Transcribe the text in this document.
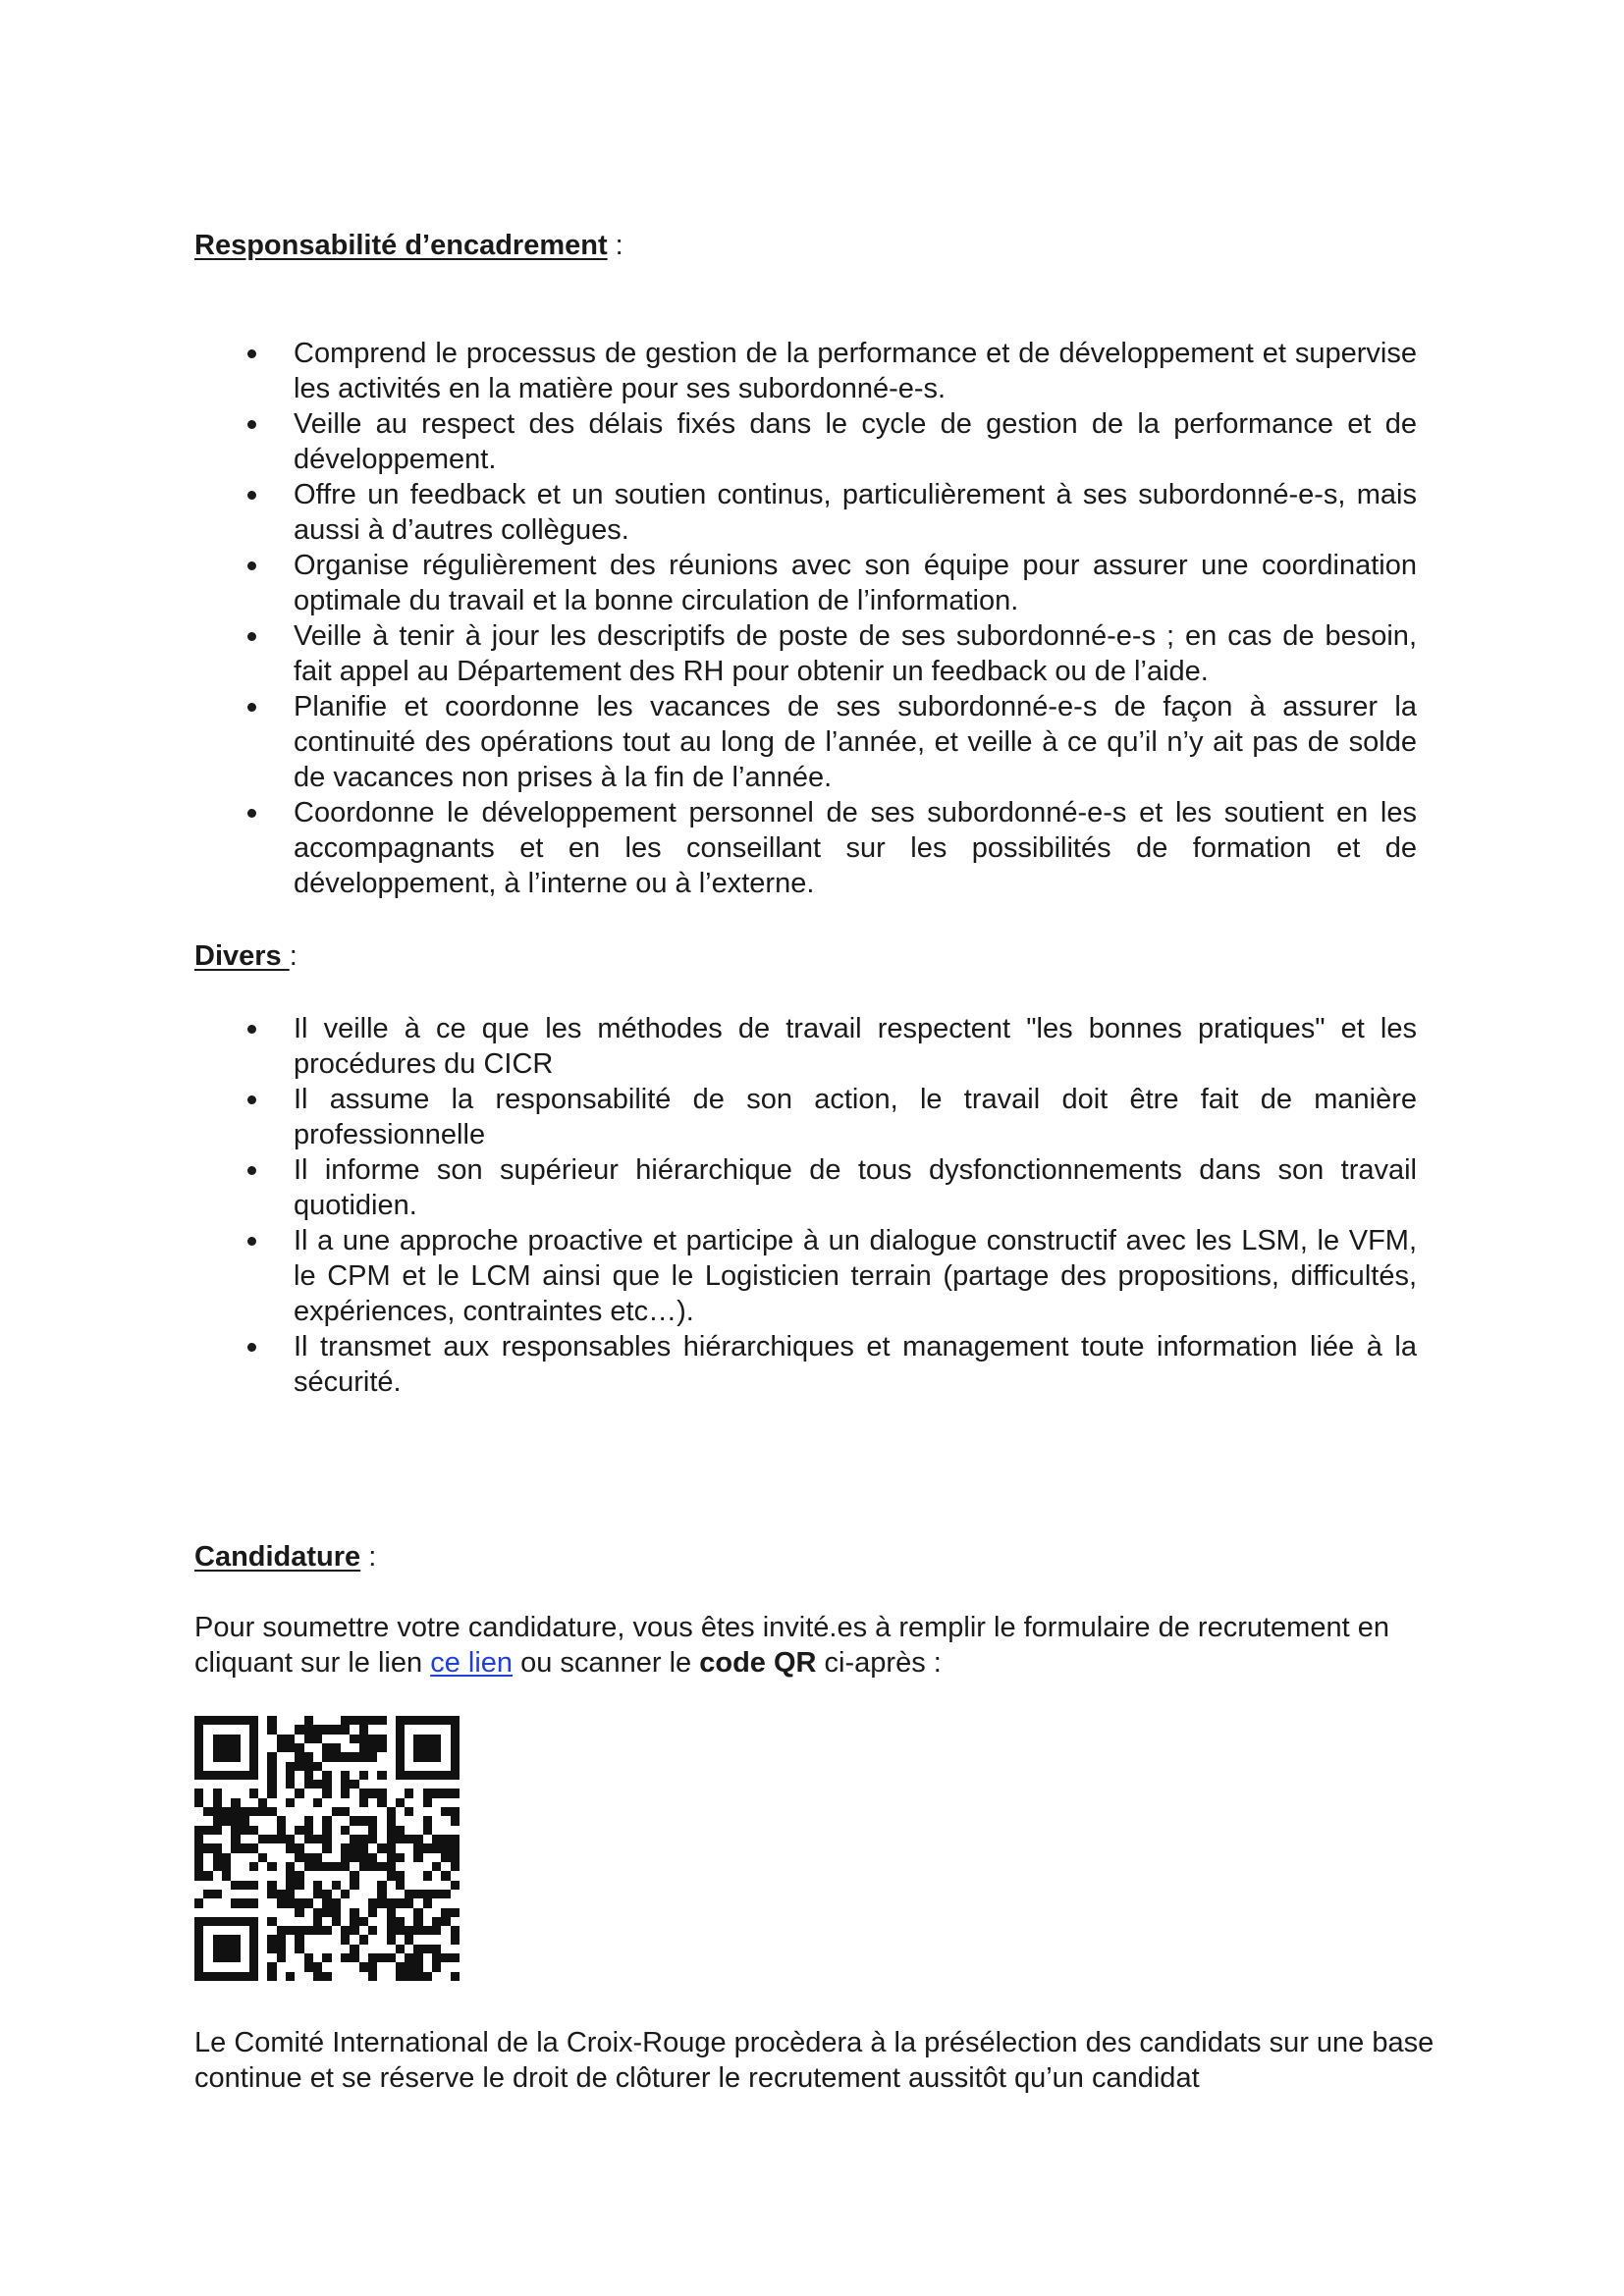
Responsabilité d’encadrement :
Comprend le processus de gestion de la performance et de développement et supervise les activités en la matière pour ses subordonné-e-s.
Veille au respect des délais fixés dans le cycle de gestion de la performance et de développement.
Offre un feedback et un soutien continus, particulièrement à ses subordonné-e-s, mais aussi à d’autres collègues.
Organise régulièrement des réunions avec son équipe pour assurer une coordination optimale du travail et la bonne circulation de l’information.
Veille à tenir à jour les descriptifs de poste de ses subordonné-e-s ; en cas de besoin, fait appel au Département des RH pour obtenir un feedback ou de l’aide.
Planifie et coordonne les vacances de ses subordonné-e-s de façon à assurer la continuité des opérations tout au long de l’année, et veille à ce qu’il n’y ait pas de solde de vacances non prises à la fin de l’année.
Coordonne le développement personnel de ses subordonné-e-s et les soutient en les accompagnants et en les conseillant sur les possibilités de formation et de développement, à l’interne ou à l’externe.
Divers :
Il veille à ce que les méthodes de travail respectent "les bonnes pratiques" et les procédures du CICR
Il assume la responsabilité de son action, le travail doit être fait de manière professionnelle
Il informe son supérieur hiérarchique de tous dysfonctionnements dans son travail quotidien.
Il a une approche proactive et participe à un dialogue constructif avec les LSM, le VFM, le CPM et le LCM ainsi que le Logisticien terrain (partage des propositions, difficultés, expériences, contraintes etc…).
Il transmet aux responsables hiérarchiques et management toute information liée à la sécurité.
Candidature :

Pour soumettre votre candidature, vous êtes invité.es à remplir le formulaire de recrutement en cliquant sur le lien ce lien ou scanner le code QR ci-après :

Le Comité International de la Croix-Rouge procèdera à la présélection des candidats sur une base continue et se réserve le droit de clôturer le recrutement aussitôt qu’un candidat
